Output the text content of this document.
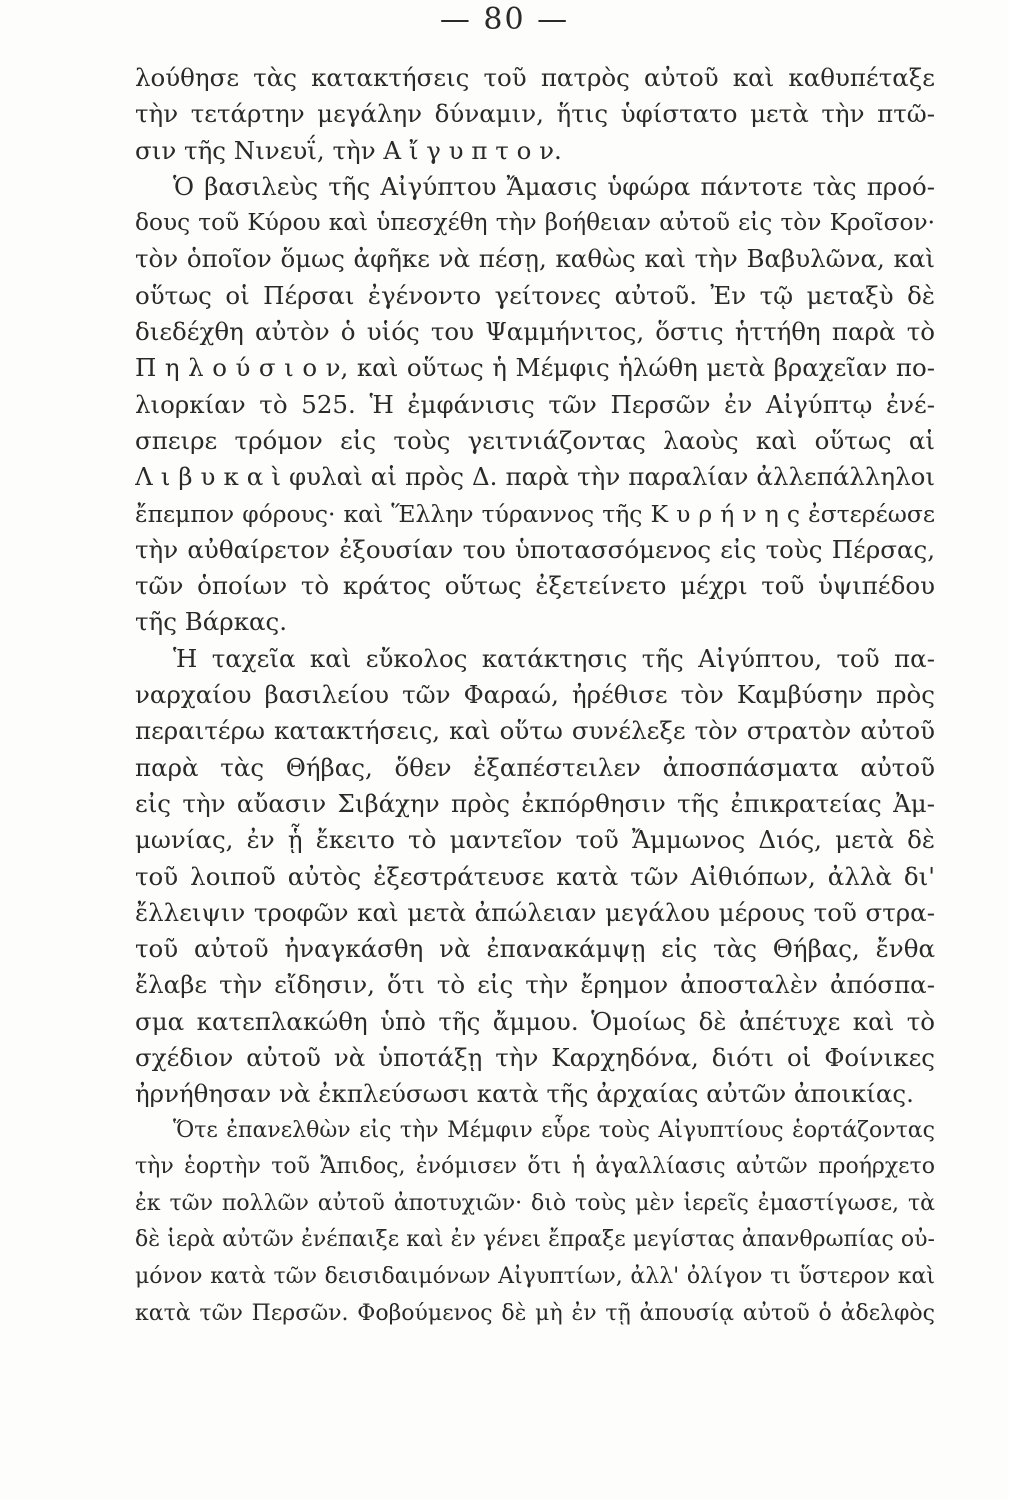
— 80 —
λούθησε τὰς κατακτήσεις τοῦ πατρὸς αὐτοῦ καὶ καθυπέταξε
τὴν τετάρτην μεγάλην δύναμιν, ἥτις ὑφίστατο μετὰ τὴν πτῶ-
σιν τῆς Νινευΐ, τὴν Α ἴ γ υ π τ ο ν.
Ὁ βασιλεὺς τῆς Αἰγύπτου Ἄμασις ὑφώρα πάντοτε τὰς προό-
δους τοῦ Κύρου καὶ ὑπεσχέθη τὴν βοήθειαν αὐτοῦ εἰς τὸν Κροῖσον·
τὸν ὁποῖον ὅμως ἀφῆκε νὰ πέσῃ, καθὼς καὶ τὴν Βαβυλῶνα, καὶ
οὕτως οἱ Πέρσαι ἐγένοντο γείτονες αὐτοῦ. Ἐν τῷ μεταξὺ δὲ
διεδέχθη αὐτὸν ὁ υἱός του Ψαμμήνιτος, ὅστις ἡττήθη παρὰ τὸ
Π η λ ο ύ σ ι ο ν, καὶ οὕτως ἡ Μέμφις ἡλώθη μετὰ βραχεῖαν πο-
λιορκίαν τὸ 525. Ἡ ἐμφάνισις τῶν Περσῶν ἐν Αἰγύπτῳ ἐνέ-
σπειρε τρόμον εἰς τοὺς γειτνιάζοντας λαοὺς καὶ οὕτως αἱ
Λ ι β υ κ α ὶ φυλαὶ αἱ πρὸς Δ. παρὰ τὴν παραλίαν ἀλλεπάλληλοι
ἔπεμπον φόρους· καὶ Ἕλλην τύραννος τῆς Κ υ ρ ή ν η ς ἐστερέωσε
τὴν αὐθαίρετον ἐξουσίαν του ὑποτασσόμενος εἰς τοὺς Πέρσας,
τῶν ὁποίων τὸ κράτος οὕτως ἐξετείνετο μέχρι τοῦ ὑψιπέδου
τῆς Βάρκας.
Ἡ ταχεῖα καὶ εὔκολος κατάκτησις τῆς Αἰγύπτου, τοῦ πα-
ναρχαίου βασιλείου τῶν Φαραώ, ἠρέθισε τὸν Καμβύσην πρὸς
περαιτέρω κατακτήσεις, καὶ οὕτω συνέλεξε τὸν στρατὸν αὐτοῦ
παρὰ τὰς Θήβας, ὅθεν ἐξαπέστειλεν ἀποσπάσματα αὐτοῦ
εἰς τὴν αὔασιν Σιβάχην πρὸς ἐκπόρθησιν τῆς ἐπικρατείας Ἀμ-
μωνίας, ἐν ᾗ ἔκειτο τὸ μαντεῖον τοῦ Ἄμμωνος Διός, μετὰ δὲ
τοῦ λοιποῦ αὐτὸς ἐξεστράτευσε κατὰ τῶν Αἰθιόπων, ἀλλὰ δι'
ἔλλειψιν τροφῶν καὶ μετὰ ἀπώλειαν μεγάλου μέρους τοῦ στρα-
τοῦ αὐτοῦ ἠναγκάσθη νὰ ἐπανακάμψῃ εἰς τὰς Θήβας, ἔνθα
ἔλαβε τὴν εἴδησιν, ὅτι τὸ εἰς τὴν ἔρημον ἀποσταλὲν ἀπόσπα-
σμα κατεπλακώθη ὑπὸ τῆς ἄμμου. Ὁμοίως δὲ ἀπέτυχε καὶ τὸ
σχέδιον αὐτοῦ νὰ ὑποτάξῃ τὴν Καρχηδόνα, διότι οἱ Φοίνικες
ἠρνήθησαν νὰ ἐκπλεύσωσι κατὰ τῆς ἀρχαίας αὐτῶν ἀποικίας.
Ὅτε ἐπανελθὼν εἰς τὴν Μέμφιν εὗρε τοὺς Αἰγυπτίους ἑορτάζοντας
τὴν ἑορτὴν τοῦ Ἄπιδος, ἐνόμισεν ὅτι ἡ ἀγαλλίασις αὐτῶν προήρχετο
ἐκ τῶν πολλῶν αὐτοῦ ἀποτυχιῶν· διὸ τοὺς μὲν ἱερεῖς ἐμαστίγωσε, τὰ
δὲ ἱερὰ αὐτῶν ἐνέπαιξε καὶ ἐν γένει ἔπραξε μεγίστας ἀπανθρωπίας οὐ-
μόνον κατὰ τῶν δεισιδαιμόνων Αἰγυπτίων, ἀλλ' ὀλίγον τι ὕστερον καὶ
κατὰ τῶν Περσῶν. Φοβούμενος δὲ μὴ ἐν τῇ ἀπουσίᾳ αὐτοῦ ὁ ἀδελφὸς
